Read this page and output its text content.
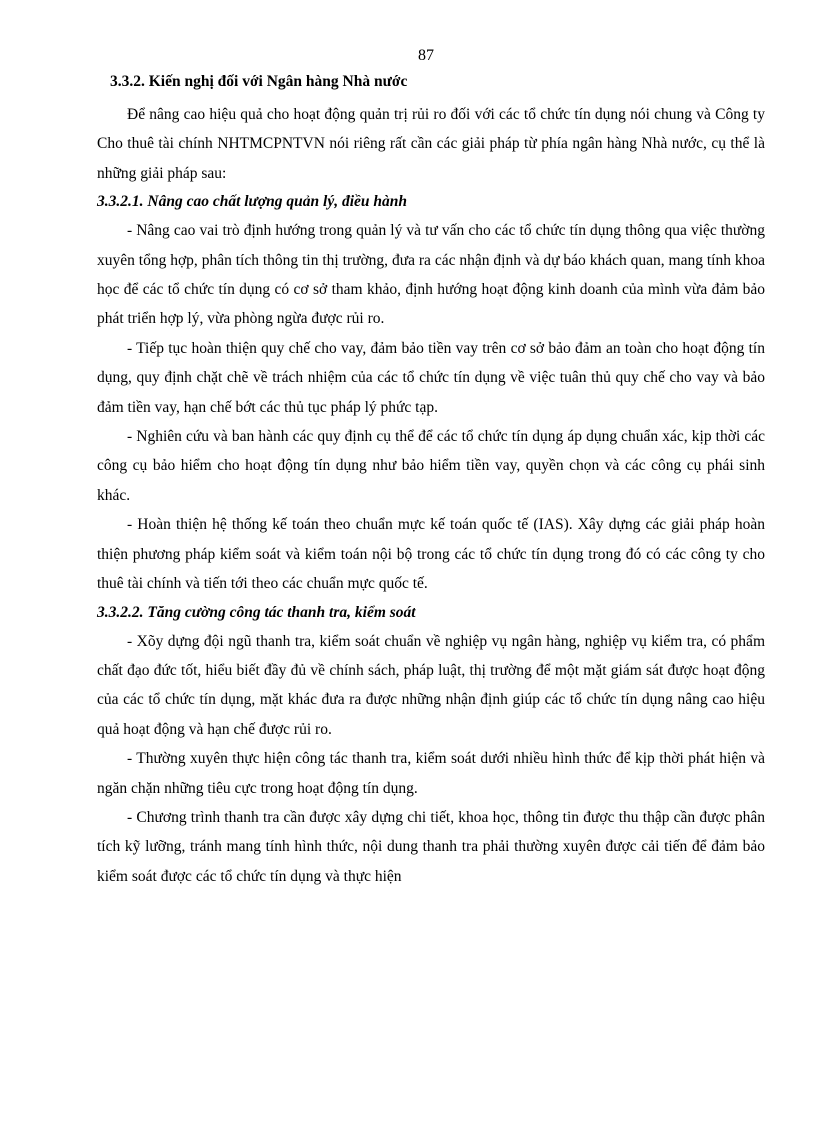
87
3.3.2. Kiến nghị đối với Ngân hàng Nhà nước

Để nâng cao hiệu quả cho hoạt động quản trị rủi ro đối với các tổ chức tín dụng nói chung và Công ty Cho thuê tài chính NHTMCPNTVN nói riêng rất cần các giải pháp từ phía ngân hàng Nhà nước, cụ thể là những giải pháp sau:

3.3.2.1. Nâng cao chất lượng quản lý, điều hành

- Nâng cao vai trò định hướng trong quản lý và tư vấn cho các tổ chức tín dụng thông qua việc thường xuyên tổng hợp, phân tích thông tin thị trường, đưa ra các nhận định và dự báo khách quan, mang tính khoa học để các tổ chức tín dụng có cơ sở tham khảo, định hướng hoạt động kinh doanh của mình vừa đảm bảo phát triển hợp lý, vừa phòng ngừa được rủi ro.

- Tiếp tục hoàn thiện quy chế cho vay, đảm bảo tiền vay trên cơ sở bảo đảm an toàn cho hoạt động tín dụng, quy định chặt chẽ về trách nhiệm của các tổ chức tín dụng về việc tuân thủ quy chế cho vay và bảo đảm tiền vay, hạn chế bớt các thủ tục pháp lý phức tạp.

- Nghiên cứu và ban hành các quy định cụ thể để các tổ chức tín dụng áp dụng chuẩn xác, kịp thời các công cụ bảo hiểm cho hoạt động tín dụng như bảo hiểm tiền vay, quyền chọn và các công cụ phái sinh khác.

- Hoàn thiện hệ thống kế toán theo chuẩn mực kế toán quốc tế (IAS). Xây dựng các giải pháp hoàn thiện phương pháp kiểm soát và kiểm toán nội bộ trong các tổ chức tín dụng trong đó có các công ty cho thuê tài chính và tiến tới theo các chuẩn mực quốc tế.

3.3.2.2. Tăng cường công tác thanh tra, kiểm soát

- Xõy dựng đội ngũ thanh tra, kiểm soát chuẩn về nghiệp vụ ngân hàng, nghiệp vụ kiểm tra, có phẩm chất đạo đức tốt, hiểu biết đầy đủ về chính sách, pháp luật, thị trường để một mặt giám sát được hoạt động của các tổ chức tín dụng, mặt khác đưa ra được những nhận định giúp các tổ chức tín dụng nâng cao hiệu quả hoạt động và hạn chế được rủi ro.

- Thường xuyên thực hiện công tác thanh tra, kiểm soát dưới nhiều hình thức để kịp thời phát hiện và ngăn chặn những tiêu cực trong hoạt động tín dụng.

- Chương trình thanh tra cần được xây dựng chi tiết, khoa học, thông tin được thu thập cần được phân tích kỹ lưỡng, tránh mang tính hình thức, nội dung thanh tra phải thường xuyên được cải tiến để đảm bảo kiểm soát được các tổ chức tín dụng và thực hiện
